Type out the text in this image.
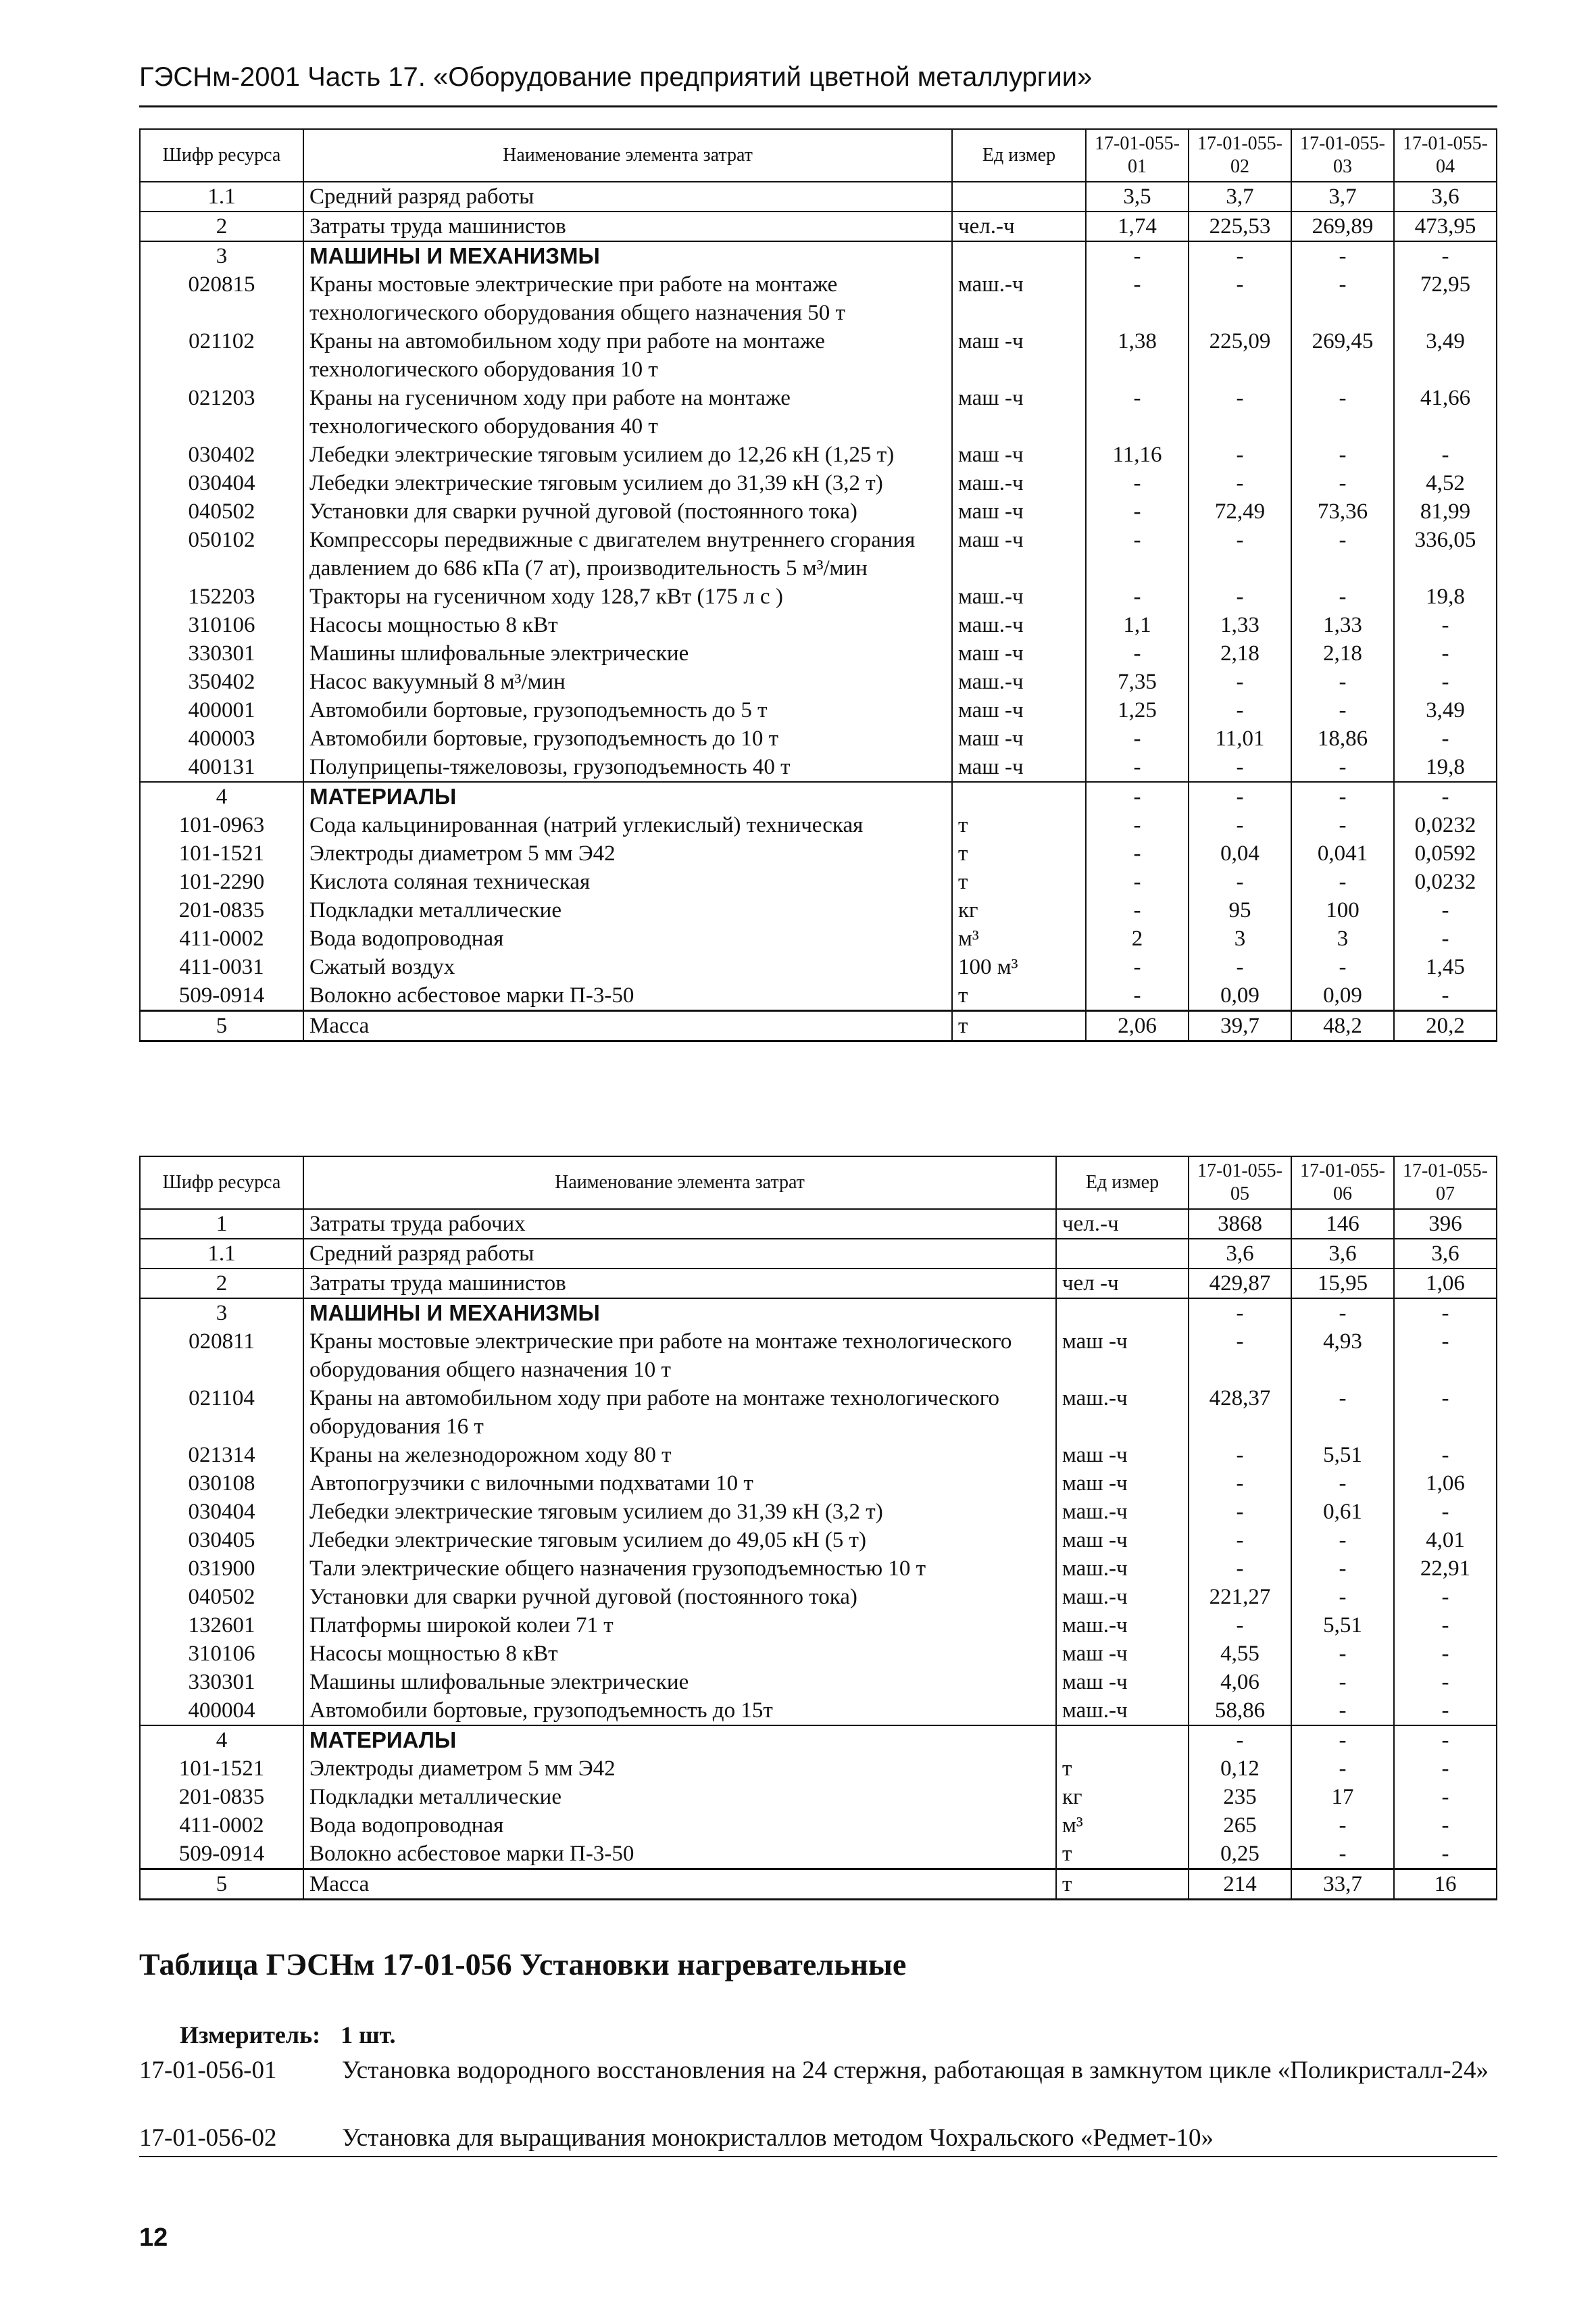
ГЭСНм-2001 Часть 17. «Оборудование предприятий цветной металлургии»
Шифр ресурса	Наименование элемента затрат	Ед измер	17-01-055-01	17-01-055-02	17-01-055-03	17-01-055-04
1.1	Средний разряд работы		3,5	3,7	3,7	3,6
2	Затраты труда машинистов	чел.-ч	1,74	225,53	269,89	473,95
3	МАШИНЫ И МЕХАНИЗМЫ		-	-	-	-
020815	Краны мостовые электрические при работе на монтаже технологического оборудования общего назначения 50 т	маш.-ч	-	-	-	72,95
021102	Краны на автомобильном ходу при работе на монтаже технологического оборудования 10 т	маш -ч	1,38	225,09	269,45	3,49
021203	Краны на гусеничном ходу при работе на монтаже технологического оборудования 40 т	маш -ч	-	-	-	41,66
030402	Лебедки электрические тяговым усилием до 12,26 кН (1,25 т)	маш -ч	11,16	-	-	-
030404	Лебедки электрические тяговым усилием до 31,39 кН (3,2 т)	маш.-ч	-	-	-	4,52
040502	Установки для сварки ручной дуговой (постоянного тока)	маш -ч	-	72,49	73,36	81,99
050102	Компрессоры передвижные с двигателем внутреннего сгорания давлением до 686 кПа (7 ат), производительность 5 м³/мин	маш -ч	-	-	-	336,05
152203	Тракторы на гусеничном ходу 128,7 кВт (175 л с )	маш.-ч	-	-	-	19,8
310106	Насосы мощностью 8 кВт	маш.-ч	1,1	1,33	1,33	-
330301	Машины шлифовальные электрические	маш -ч	-	2,18	2,18	-
350402	Насос вакуумный 8 м³/мин	маш.-ч	7,35	-	-	-
400001	Автомобили бортовые, грузоподъемность до 5 т	маш -ч	1,25	-	-	3,49
400003	Автомобили бортовые, грузоподъемность до 10 т	маш -ч	-	11,01	18,86	-
400131	Полуприцепы-тяжеловозы, грузоподъемность 40 т	маш -ч	-	-	-	19,8
4	МАТЕРИАЛЫ		-	-	-	-
101-0963	Сода кальцинированная (натрий углекислый) техническая	т	-	-	-	0,0232
101-1521	Электроды диаметром 5 мм Э42	т	-	0,04	0,041	0,0592
101-2290	Кислота соляная техническая	т	-	-	-	0,0232
201-0835	Подкладки металлические	кг	-	95	100	-
411-0002	Вода водопроводная	м³	2	3	3	-
411-0031	Сжатый воздух	100 м³	-	-	-	1,45
509-0914	Волокно асбестовое марки П-3-50	т	-	0,09	0,09	-
5	Масса	т	2,06	39,7	48,2	20,2
Шифр ресурса	Наименование элемента затрат	Ед измер	17-01-055-05	17-01-055-06	17-01-055-07
1	Затраты труда рабочих	чел.-ч	3868	146	396
1.1	Средний разряд работы		3,6	3,6	3,6
2	Затраты труда машинистов	чел -ч	429,87	15,95	1,06
3	МАШИНЫ И МЕХАНИЗМЫ		-	-	-
020811	Краны мостовые электрические при работе на монтаже технологического оборудования общего назначения 10 т	маш -ч	-	4,93	-
021104	Краны на автомобильном ходу при работе на монтаже технологического оборудования 16 т	маш.-ч	428,37	-	-
021314	Краны на железнодорожном ходу 80 т	маш -ч	-	5,51	-
030108	Автопогрузчики с вилочными подхватами 10 т	маш -ч	-	-	1,06
030404	Лебедки электрические тяговым усилием до 31,39 кН (3,2 т)	маш.-ч	-	0,61	-
030405	Лебедки электрические тяговым усилием до 49,05 кН (5 т)	маш -ч	-	-	4,01
031900	Тали электрические общего назначения грузоподъемностью 10 т	маш.-ч	-	-	22,91
040502	Установки для сварки ручной дуговой (постоянного тока)	маш.-ч	221,27	-	-
132601	Платформы широкой колеи 71 т	маш.-ч	-	5,51	-
310106	Насосы мощностью 8 кВт	маш -ч	4,55	-	-
330301	Машины шлифовальные электрические	маш -ч	4,06	-	-
400004	Автомобили бортовые, грузоподъемность до 15т	маш.-ч	58,86	-	-
4	МАТЕРИАЛЫ		-	-	-
101-1521	Электроды диаметром 5 мм Э42	т	0,12	-	-
201-0835	Подкладки металлические	кг	235	17	-
411-0002	Вода водопроводная	м³	265	-	-
509-0914	Волокно асбестовое марки П-3-50	т	0,25	-	-
5	Масса	т	214	33,7	16
Таблица ГЭСНм 17-01-056 Установки нагревательные
Измеритель: 1 шт.
17-01-056-01	Установка водородного восстановления на 24 стержня, работающая в замкнутом цикле «Поликристалл-24»
17-01-056-02	Установка для выращивания монокристаллов методом Чохральского «Редмет-10»
12
